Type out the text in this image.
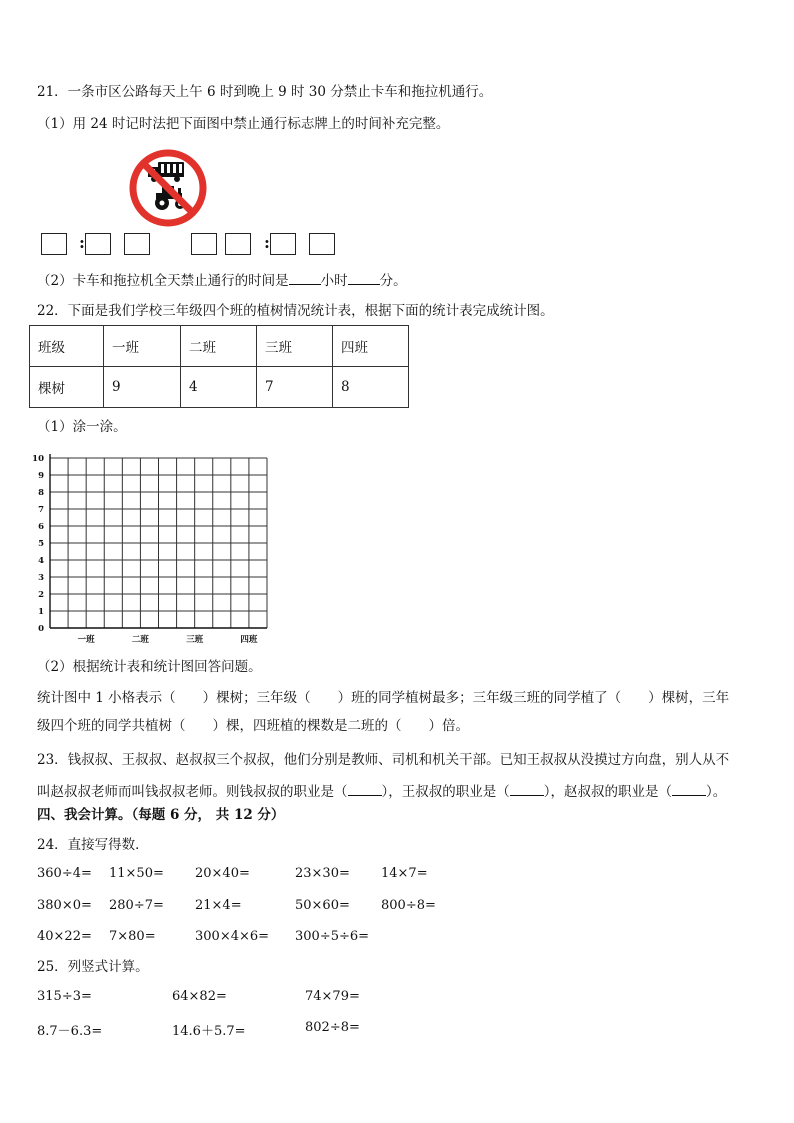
21．一条市区公路每天上午 6 时到晚上 9 时 30 分禁止卡车和拖拉机通行。
（1）用 24 时记时法把下面图中禁止通行标志牌上的时间补充完整。
:	:
（2）卡车和拖拉机全天禁止通行的时间是 小时 分。
22．下面是我们学校三年级四个班的植树情况统计表，根据下面的统计表完成统计图。
班级	一班	二班	三班	四班
棵树	9	4	7	8
（1）涂一涂。
0
1
2
3
4
5
6
7
8
9
10
一班	二班	三班	四班
（2）根据统计表和统计图回答问题。
统计图中 1 小格表示（　　）棵树；三年级（　　）班的同学植树最多；三年级三班的同学植了（　　）棵树，三年
级四个班的同学共植树（　　）棵，四班植的棵数是二班的（　　）倍。
23．钱叔叔、王叔叔、赵叔叔三个叔叔，他们分别是教师、司机和机关干部。已知王叔叔从没摸过方向盘，别人从不
叫赵叔叔老师而叫钱叔叔老师。则钱叔叔的职业是（	），王叔叔的职业是（	），赵叔叔的职业是（	）。
四、我会计算。（每题 6 分， 共 12 分）
24．直接写得数．
360÷4= 11×50= 20×40=	23×30= 14×7=
380×0= 280÷7= 21×4=	50×60= 800÷8=
40×22= 7×80=	300×4×6= 300÷5÷6=
25．列竖式计算。
315÷3=	64×82=	74×79=
8.7－6.3=	14.6＋5.7=	802÷8=
